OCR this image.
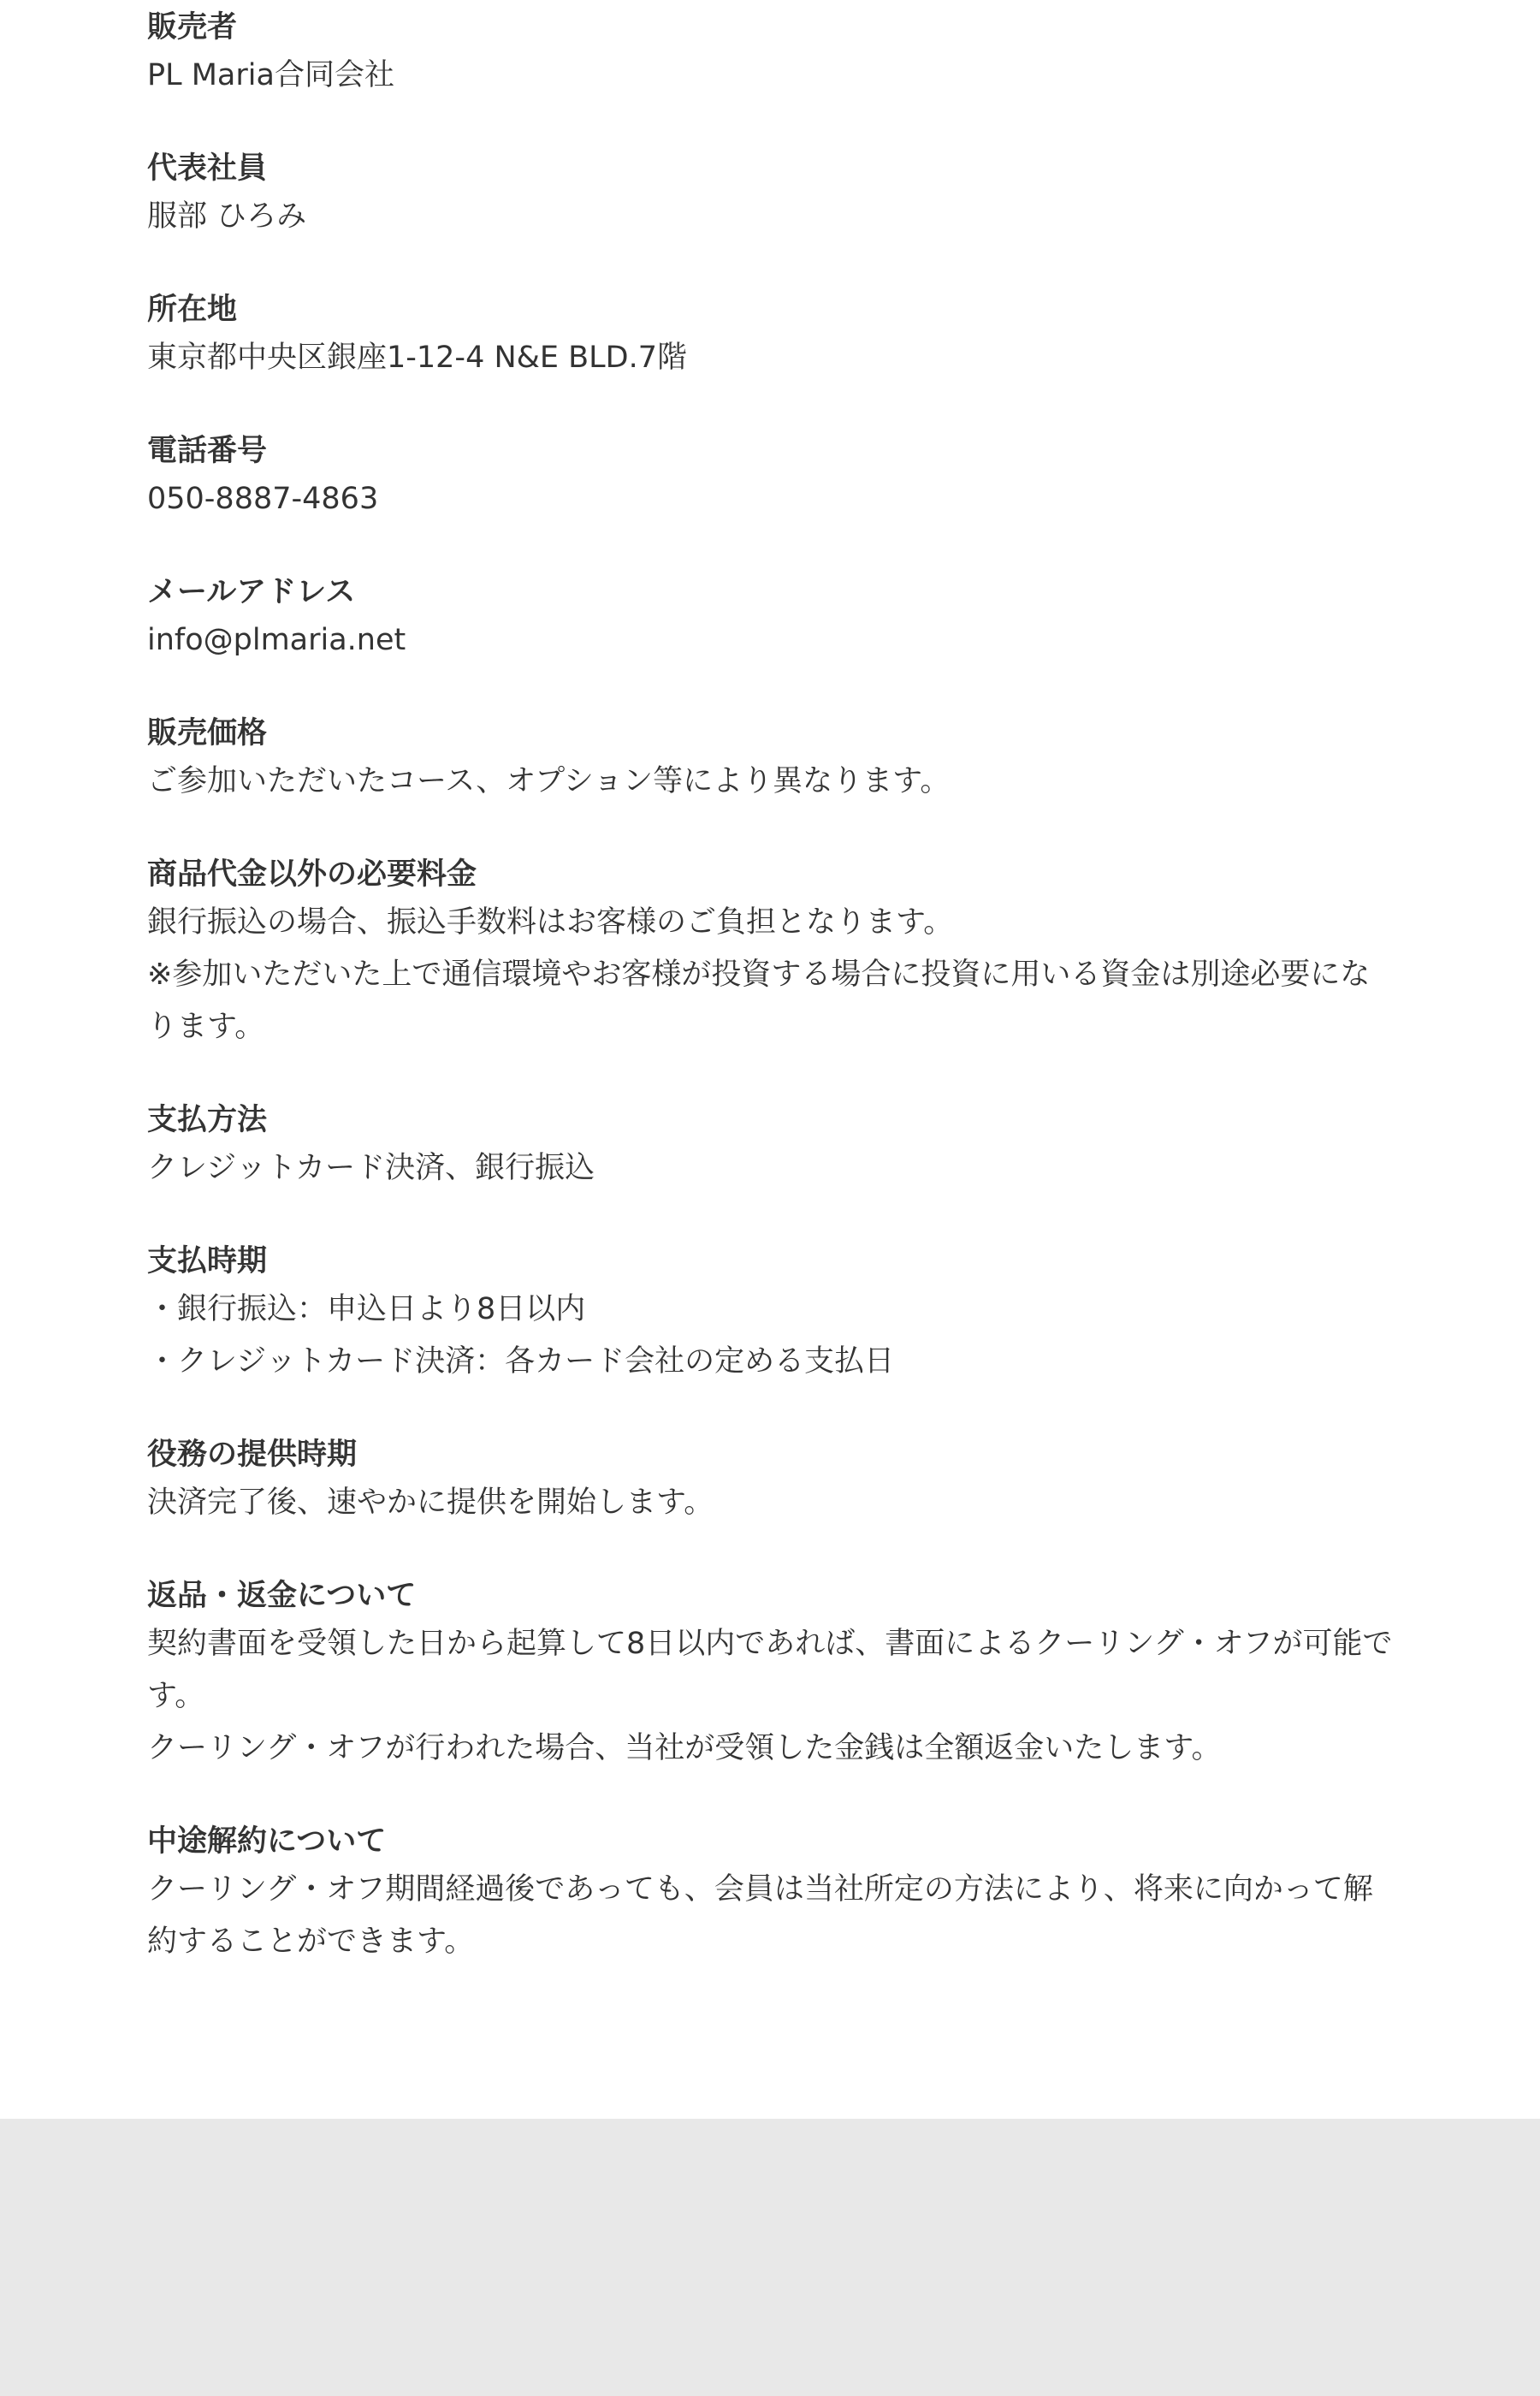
販売者

PL Maria合同会社

代表社員

服部 ひろみ

所在地

東京都中央区銀座1-12-4 N&E BLD.7階

電話番号

050-8887-4863

メールアドレス

info@plmaria.net

販売価格

ご参加いただいたコース、オプション等により異なります。

商品代金以外の必要料金

銀行振込の場合、振込手数料はお客様のご負担となります。

※参加いただいた上で通信環境やお客様が投資する場合に投資に用いる資金は別途必要になります。

支払方法

クレジットカード決済、銀行振込

支払時期

・銀行振込：申込日より8日以内

・クレジットカード決済：各カード会社の定める支払日

役務の提供時期

決済完了後、速やかに提供を開始します。

返品・返金について

契約書面を受領した日から起算して8日以内であれば、書面によるクーリング・オフが可能です。

クーリング・オフが行われた場合、当社が受領した金銭は全額返金いたします。

中途解約について

クーリング・オフ期間経過後であっても、会員は当社所定の方法により、将来に向かって解約することができます。
